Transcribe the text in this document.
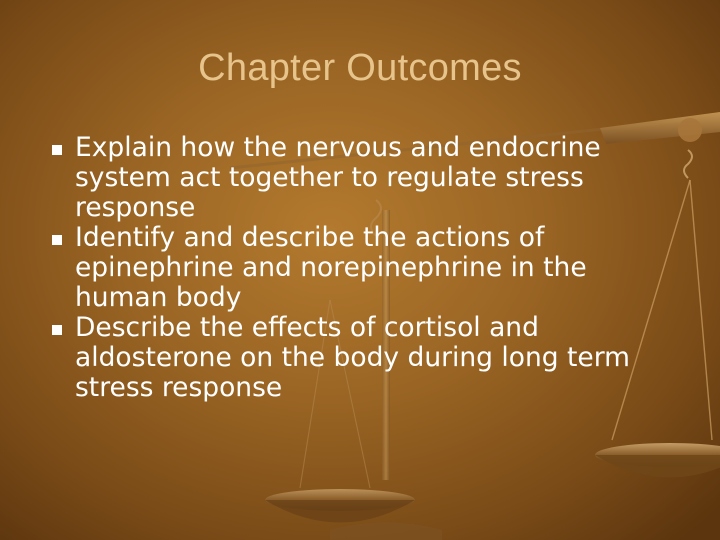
Chapter Outcomes
Explain how the nervous and endocrine system act together to regulate stress response
Identify and describe the actions of epinephrine and norepinephrine in the human body
Describe the effects of cortisol and aldosterone on the body during long term stress response
